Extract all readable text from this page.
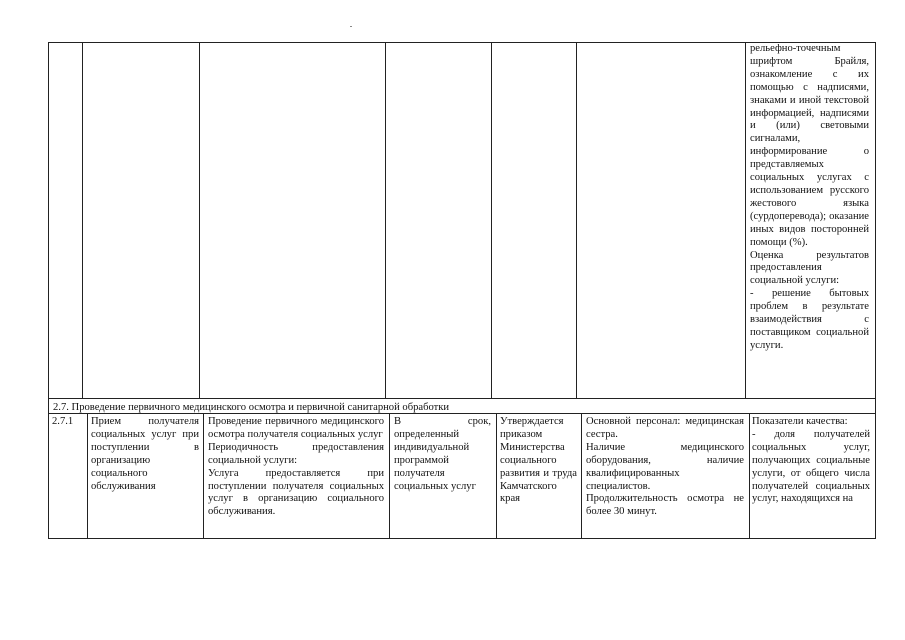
рельефно-точечным шрифтом Брайля, ознакомление с их помощью с надписями, знаками и иной текстовой информацией, надписями и (или) световыми сигналами, информирование о представляемых социальных услугах с использованием русского жестового языка (сурдоперевода); оказание иных видов посторонней помощи (%).

Оценка результатов предоставления социальной услуги:

- решение бытовых проблем в результате взаимодействия с поставщиком социальной услуги.

2.7. Проведение первичного медицинского осмотра и первичной санитарной обработки
2.7.1	Прием получателя социальных услуг при поступлении в организацию социального обслуживания

Проведение первичного медицинского осмотра получателя социальных услуг

Периодичность предоставления социальной услуги:

Услуга предоставляется при поступлении получателя социальных услуг в организацию социального обслуживания.

В срок, определенный индивидуальной программой получателя социальных услуг

Утверждается приказом Министерства социального развития и труда Камчатского края

Основной персонал: медицинская сестра.

Наличие медицинского оборудования, наличие квалифицированных специалистов.

Продолжительность осмотра не более 30 минут.

Показатели качества:

- доля получателей социальных услуг, получающих социальные услуги, от общего числа получателей социальных услуг, находящихся на
